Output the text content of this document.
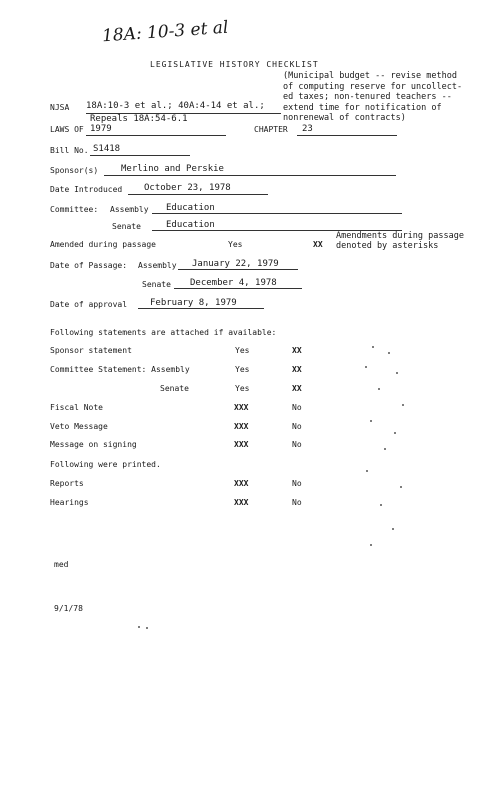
18A: 10-3 et al
LEGISLATIVE HISTORY CHECKLIST
(Municipal budget -- revise method
of computing reserve for uncollect-
ed taxes; non-tenured teachers --
extend time for notification of
nonrenewal of contracts)
NJSA 18A:10-3 et al.; 40A:4-14 et al.;
Repeals 18A:54-6.1
LAWS OF 1979	CHAPTER 23
Bill No. S1418
Sponsor(s)	Merlino and Perskie
Date Introduced October 23, 1978
Committee: Assembly Education
Senate	Education
Amended during passage	Yes	XX
Amendments during passage
denoted by asterisks
Date of Passage: Assembly January 22, 1979
Senate December 4, 1978
Date of approval	February 8, 1979
Following statements are attached if available:
Sponsor statement	Yes	XX
Committee Statement: Assembly	Yes	XX
Senate	Yes	XX
Fiscal Note	XXX	No
Veto Message	XXX	No
Message on signing	XXX	No
Following were printed.
Reports	XXX	No
Hearings	XXX	No
med
9/1/78
